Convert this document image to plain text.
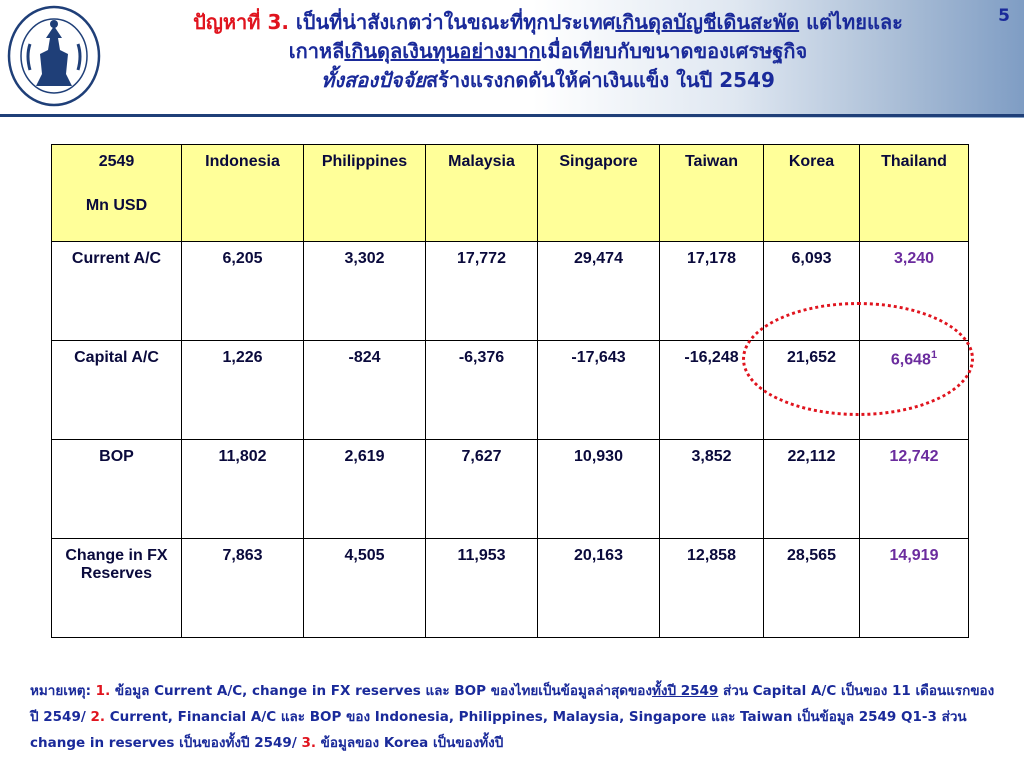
ปัญหาที่ 3. เป็นที่น่าสังเกตว่าในขณะที่ทุกประเทศเกินดุลบัญชีเดินสะพัด แต่ไทยและ
เกาหลีเกินดุลเงินทุนอย่างมากเมื่อเทียบกับขนาดของเศรษฐกิจ
ทั้งสองปัจจัยสร้างแรงกดดันให้ค่าเงินแข็ง ในปี 2549
5
2549
Mn USD	Indonesia	Philippines	Malaysia	Singapore	Taiwan	Korea	Thailand
Current A/C	6,205	3,302	17,772	29,474	17,178	6,093	3,240
Capital A/C	1,226	-824	-6,376	-17,643	-16,248	21,652	6,648$^1$
BOP	11,802	2,619	7,627	10,930	3,852	22,112	12,742
Change in FX Reserves	7,863	4,505	11,953	20,163	12,858	28,565	14,919
หมายเหตุ: 1. ข้อมูล Current A/C, change in FX reserves และ BOP ของไทยเป็นข้อมูลล่าสุดของทั้งปี 2549 ส่วน Capital A/C เป็นของ 11 เดือนแรกของปี 2549/ 2. Current, Financial A/C และ BOP ของ Indonesia, Philippines, Malaysia, Singapore และ Taiwan เป็นข้อมูล 2549 Q1-3 ส่วน change in reserves เป็นของทั้งปี 2549/ 3. ข้อมูลของ Korea เป็นของทั้งปี
